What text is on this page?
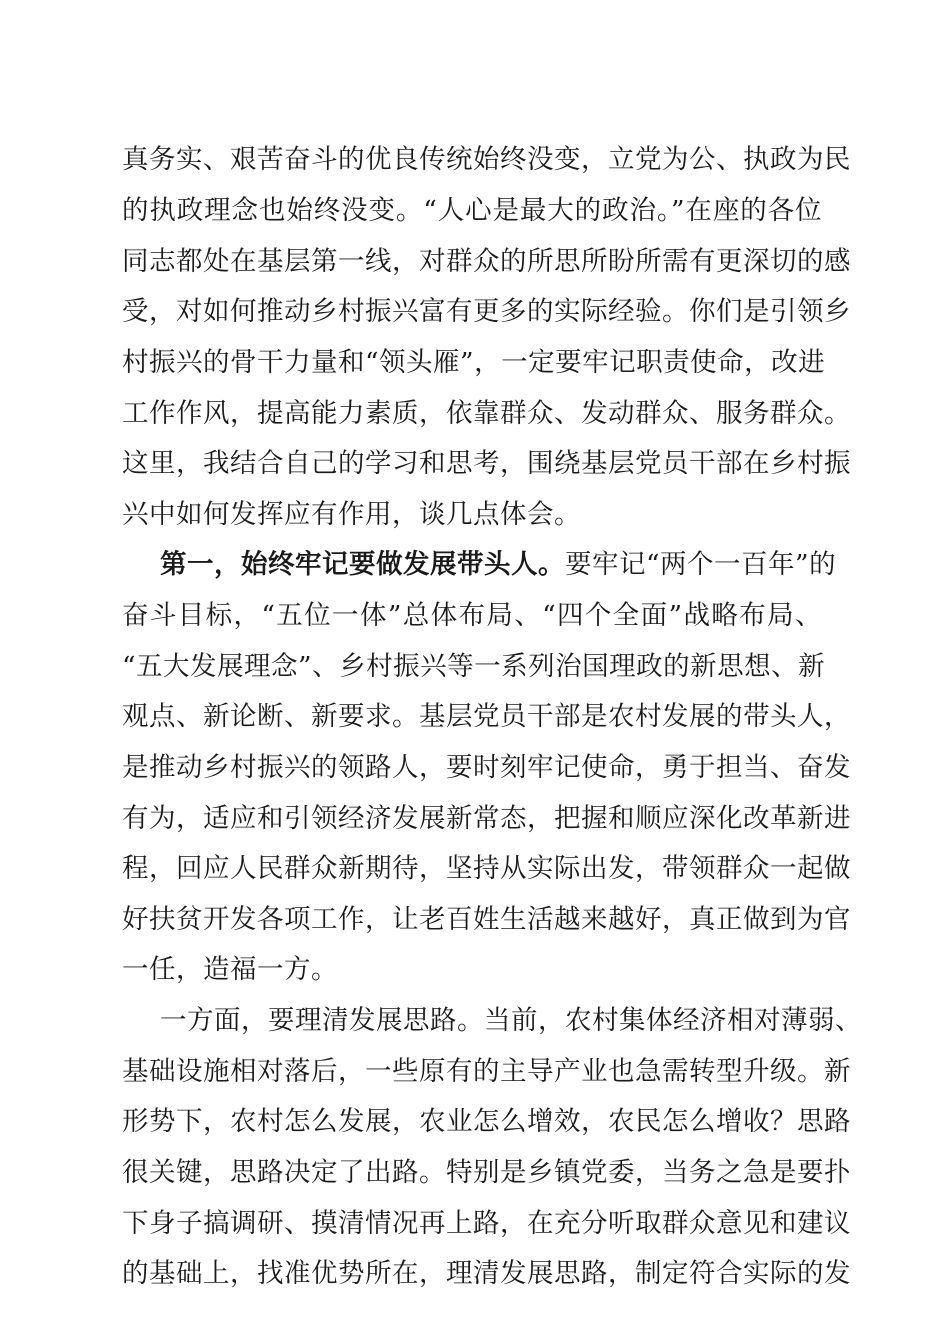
真务实、艰苦奋斗的优良传统始终没变，立党为公、执政为民
的执政理念也始终没变。“人心是最大的政治。”在座的各位
同志都处在基层第一线，对群众的所思所盼所需有更深切的感
受，对如何推动乡村振兴富有更多的实际经验。你们是引领乡
村振兴的骨干力量和“领头雁”，一定要牢记职责使命，改进
工作作风，提高能力素质，依靠群众、发动群众、服务群众。
这里，我结合自己的学习和思考，围绕基层党员干部在乡村振
兴中如何发挥应有作用，谈几点体会。
第一，始终牢记要做发展带头人。要牢记“两个一百年”的
奋斗目标，“五位一体”总体布局、“四个全面”战略布局、
“五大发展理念”、乡村振兴等一系列治国理政的新思想、新
观点、新论断、新要求。基层党员干部是农村发展的带头人，
是推动乡村振兴的领路人，要时刻牢记使命，勇于担当、奋发
有为，适应和引领经济发展新常态，把握和顺应深化改革新进
程，回应人民群众新期待，坚持从实际出发，带领群众一起做
好扶贫开发各项工作，让老百姓生活越来越好，真正做到为官
一任，造福一方。
一方面，要理清发展思路。当前，农村集体经济相对薄弱、
基础设施相对落后，一些原有的主导产业也急需转型升级。新
形势下，农村怎么发展，农业怎么增效，农民怎么增收？思路
很关键，思路决定了出路。特别是乡镇党委，当务之急是要扑
下身子搞调研、摸清情况再上路，在充分听取群众意见和建议
的基础上，找准优势所在，理清发展思路，制定符合实际的发
